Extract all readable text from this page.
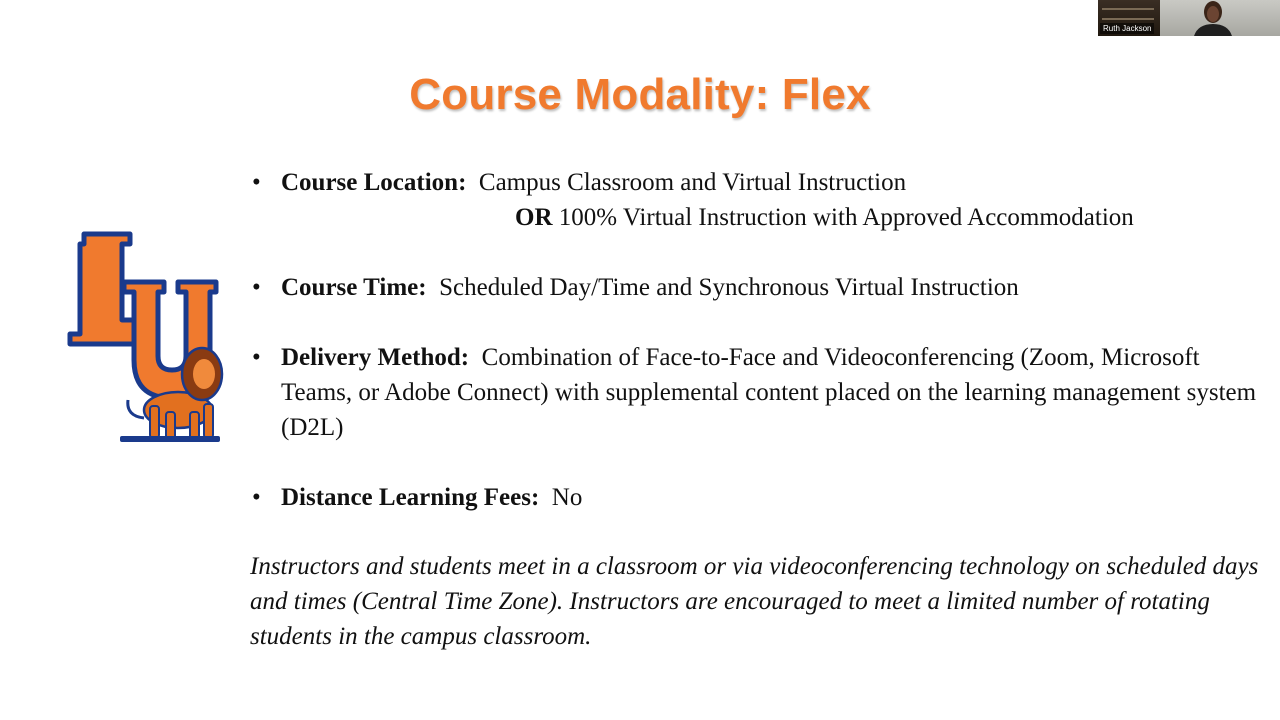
Course Modality: Flex
• Course Location: Campus Classroom and Virtual Instruction
OR 100% Virtual Instruction with Approved Accommodation
• Course Time: Scheduled Day/Time and Synchronous Virtual Instruction
• Delivery Method: Combination of Face-to-Face and Videoconferencing (Zoom, Microsoft Teams, or Adobe Connect) with supplemental content placed on the learning management system (D2L)
• Distance Learning Fees: No
Instructors and students meet in a classroom or via videoconferencing technology on scheduled days and times (Central Time Zone). Instructors are encouraged to meet a limited number of rotating students in the campus classroom.
Ruth Jackson
